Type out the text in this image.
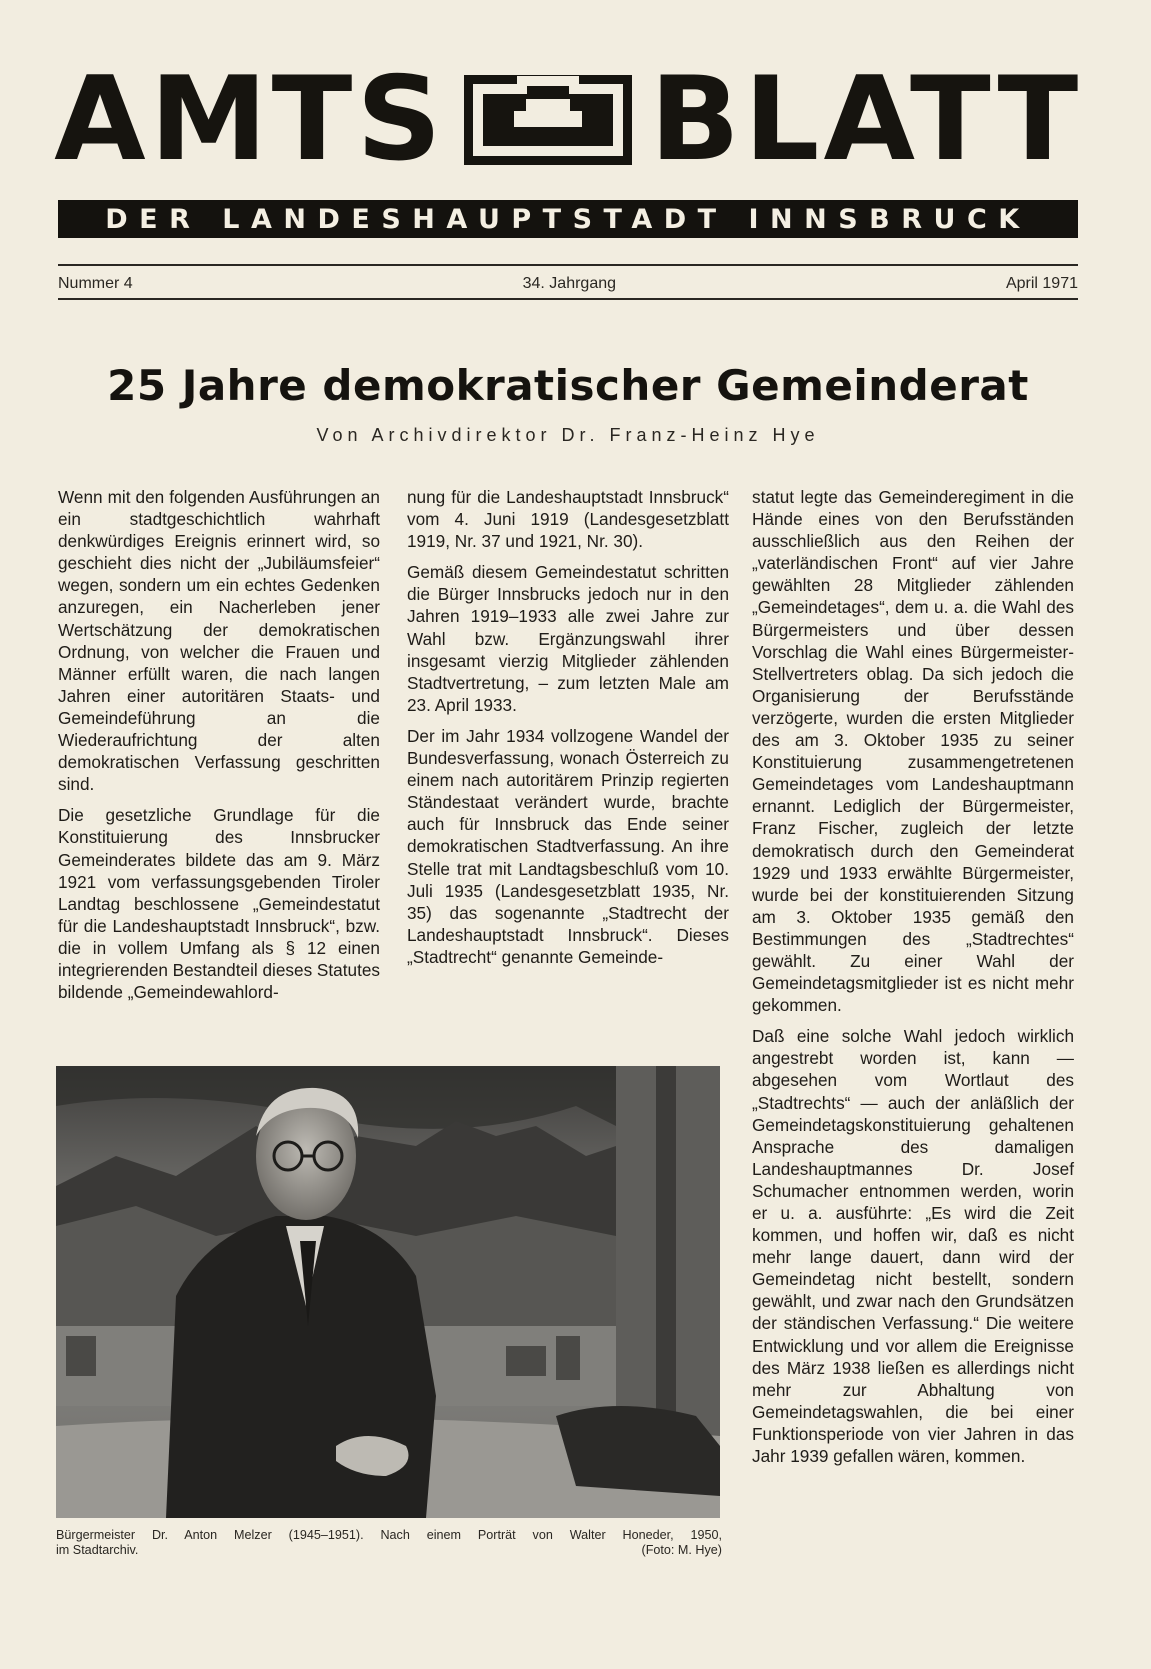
AMTS BLATT
DER LANDESHAUPTSTADT INNSBRUCK
Nummer 4	34. Jahrgang	April 1971
25 Jahre demokratischer Gemeinderat
Von Archivdirektor Dr. Franz-Heinz Hye

Wenn mit den folgenden Ausführungen an ein stadtgeschichtlich wahrhaft denkwürdiges Ereignis erinnert wird, so geschieht dies nicht der „Jubiläumsfeier“ wegen, sondern um ein echtes Gedenken anzuregen, ein Nacherleben jener Wertschätzung der demokratischen Ordnung, von welcher die Frauen und Männer erfüllt waren, die nach langen Jahren einer autoritären Staats- und Gemeindeführung an die Wiederaufrichtung der alten demokratischen Verfassung geschritten sind.

Die gesetzliche Grundlage für die Konstituierung des Innsbrucker Gemeinderates bildete das am 9. März 1921 vom verfassungsgebenden Tiroler Landtag beschlossene „Gemeindestatut für die Landeshauptstadt Innsbruck“, bzw. die in vollem Umfang als § 12 einen integrierenden Bestandteil dieses Statutes bildende „Gemeindewahlord-

nung für die Landeshauptstadt Innsbruck“ vom 4. Juni 1919 (Landesgesetzblatt 1919, Nr. 37 und 1921, Nr. 30).

Gemäß diesem Gemeindestatut schritten die Bürger Innsbrucks jedoch nur in den Jahren 1919–1933 alle zwei Jahre zur Wahl bzw. Ergänzungswahl ihrer insgesamt vierzig Mitglieder zählenden Stadtvertretung, – zum letzten Male am 23. April 1933.

Der im Jahr 1934 vollzogene Wandel der Bundesverfassung, wonach Österreich zu einem nach autoritärem Prinzip regierten Ständestaat verändert wurde, brachte auch für Innsbruck das Ende seiner demokratischen Stadtverfassung. An ihre Stelle trat mit Landtagsbeschluß vom 10. Juli 1935 (Landesgesetzblatt 1935, Nr. 35) das sogenannte „Stadtrecht der Landeshauptstadt Innsbruck“. Dieses „Stadtrecht“ genannte Gemeinde-

statut legte das Gemeinderegiment in die Hände eines von den Berufsständen ausschließlich aus den Reihen der „vaterländischen Front“ auf vier Jahre gewählten 28 Mitglieder zählenden „Gemeindetages“, dem u. a. die Wahl des Bürgermeisters und über dessen Vorschlag die Wahl eines Bürgermeister-Stellvertreters oblag. Da sich jedoch die Organisierung der Berufsstände verzögerte, wurden die ersten Mitglieder des am 3. Oktober 1935 zu seiner Konstituierung zusammengetretenen Gemeindetages vom Landeshauptmann ernannt. Lediglich der Bürgermeister, Franz Fischer, zugleich der letzte demokratisch durch den Gemeinderat 1929 und 1933 erwählte Bürgermeister, wurde bei der konstituierenden Sitzung am 3. Oktober 1935 gemäß den Bestimmungen des „Stadtrechtes“ gewählt. Zu einer Wahl der Gemeindetagsmitglieder ist es nicht mehr gekommen.

Daß eine solche Wahl jedoch wirklich angestrebt worden ist, kann — abgesehen vom Wortlaut des „Stadtrechts“ — auch der anläßlich der Gemeindetagskonstituierung gehaltenen Ansprache des damaligen Landeshauptmannes Dr. Josef Schumacher entnommen werden, worin er u. a. ausführte: „Es wird die Zeit kommen, und hoffen wir, daß es nicht mehr lange dauert, dann wird der Gemeindetag nicht bestellt, sondern gewählt, und zwar nach den Grundsätzen der ständischen Verfassung.“ Die weitere Entwicklung und vor allem die Ereignisse des März 1938 ließen es allerdings nicht mehr zur Abhaltung von Gemeindetagswahlen, die bei einer Funktionsperiode von vier Jahren in das Jahr 1939 gefallen wären, kommen.

Bürgermeister Dr. Anton Melzer (1945–1951). Nach einem Porträt von Walter Honeder, 1950,
im Stadtarchiv.	(Foto: M. Hye)
